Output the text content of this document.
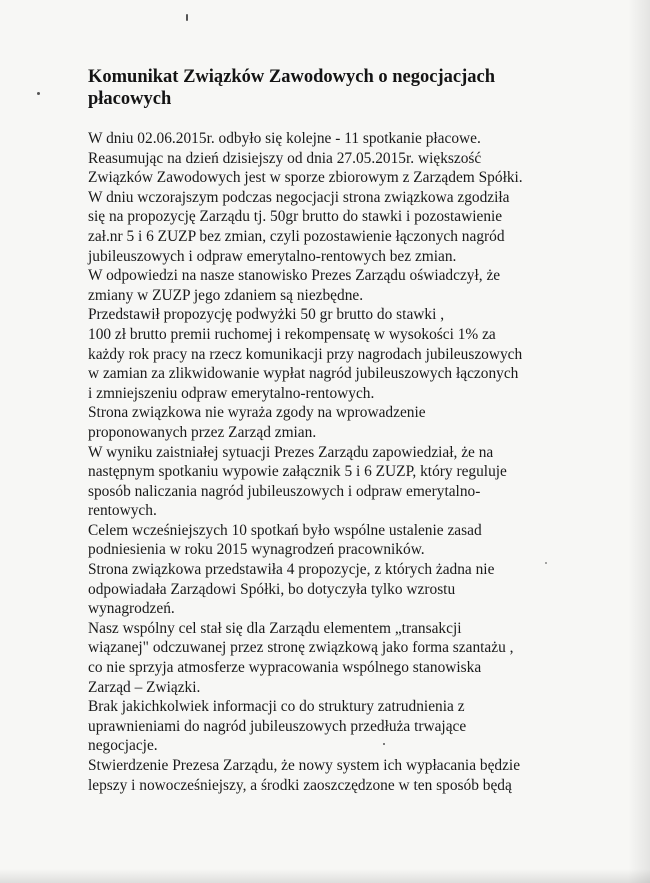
Komunikat Związków Zawodowych o negocjacjach
płacowych
W dniu 02.06.2015r. odbyło się kolejne - 11 spotkanie płacowe.
Reasumując na dzień dzisiejszy od dnia 27.05.2015r. większość
Związków Zawodowych jest w sporze zbiorowym z Zarządem Spółki.
W dniu wczorajszym podczas negocjacji strona związkowa zgodziła
się na propozycję Zarządu tj. 50gr brutto do stawki i pozostawienie
zał.nr 5 i 6 ZUZP bez zmian, czyli pozostawienie łączonych nagród
jubileuszowych i odpraw emerytalno-rentowych bez zmian.
W odpowiedzi na nasze stanowisko Prezes Zarządu oświadczył, że
zmiany w ZUZP jego zdaniem są niezbędne.
Przedstawił propozycję podwyżki 50 gr brutto do stawki ,
100 zł brutto premii ruchomej i rekompensatę w wysokości 1% za
każdy rok pracy na rzecz komunikacji przy nagrodach jubileuszowych
w zamian za zlikwidowanie wypłat nagród jubileuszowych łączonych
i zmniejszeniu odpraw emerytalno-rentowych.
Strona związkowa nie wyraża zgody na wprowadzenie
proponowanych przez Zarząd zmian.
W wyniku zaistniałej sytuacji Prezes Zarządu zapowiedział, że na
następnym spotkaniu wypowie załącznik 5 i 6 ZUZP, który reguluje
sposób naliczania nagród jubileuszowych i odpraw emerytalno-
rentowych.
Celem wcześniejszych 10 spotkań było wspólne ustalenie zasad
podniesienia w roku 2015 wynagrodzeń pracowników.
Strona związkowa przedstawiła 4 propozycje, z których żadna nie
odpowiadała Zarządowi Spółki, bo dotyczyła tylko wzrostu
wynagrodzeń.
Nasz wspólny cel stał się dla Zarządu elementem „transakcji
wiązanej" odczuwanej przez stronę związkową jako forma szantażu ,
co nie sprzyja atmosferze wypracowania wspólnego stanowiska
Zarząd – Związki.
Brak jakichkolwiek informacji co do struktury zatrudnienia z
uprawnieniami do nagród jubileuszowych przedłuża trwające
negocjacje.
Stwierdzenie Prezesa Zarządu, że nowy system ich wypłacania będzie
lepszy i nowocześniejszy, a środki zaoszczędzone w ten sposób będą
